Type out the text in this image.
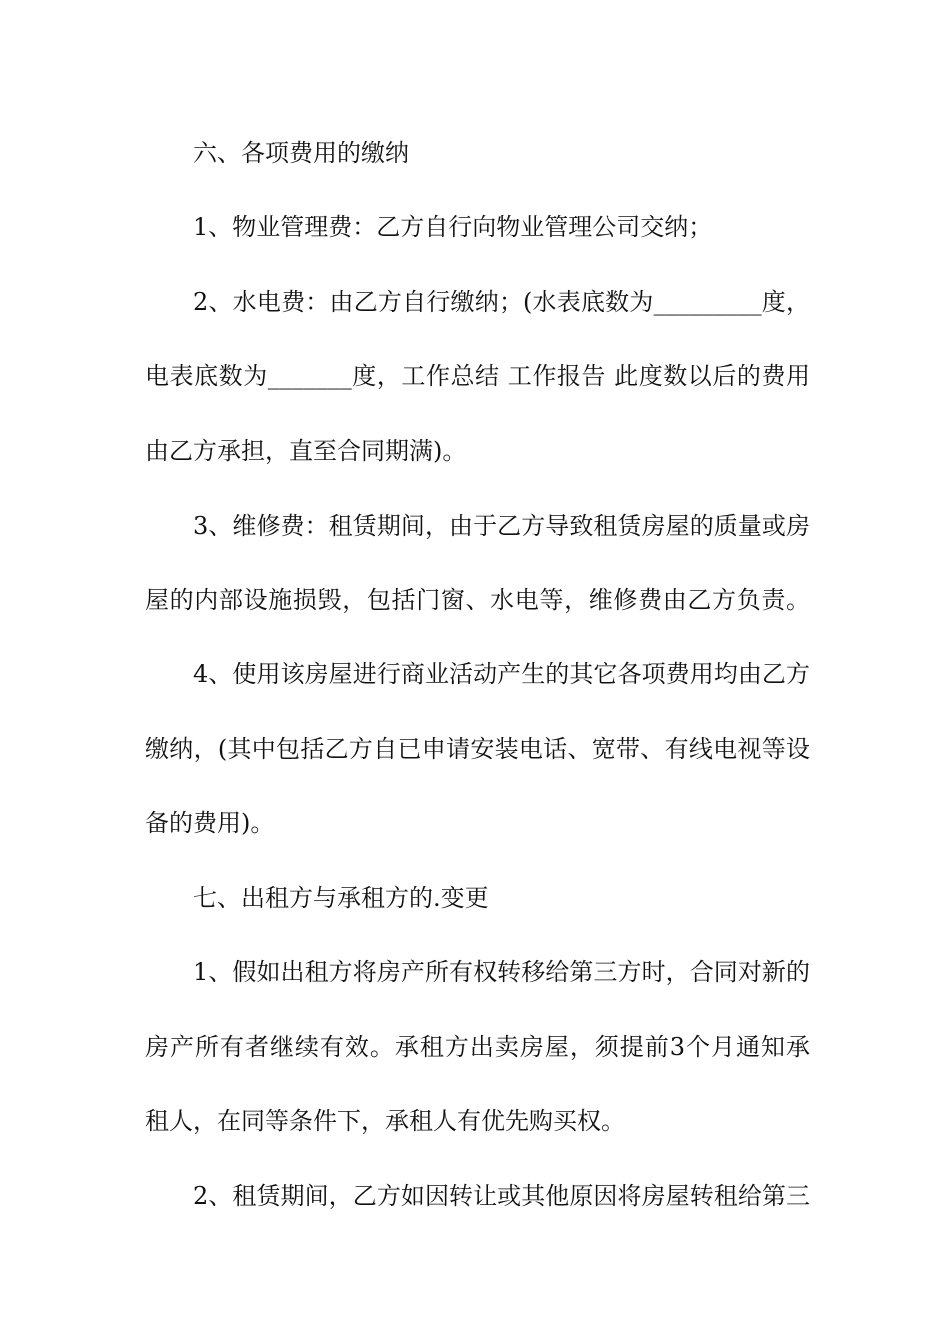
六、各项费用的缴纳
1、物业管理费：乙方自行向物业管理公司交纳；
2、水电费：由乙方自行缴纳；(水表底数为_________度，
电表底数为_______度，工作总结 工作报告 此度数以后的费用
由乙方承担，直至合同期满)。
3、维修费：租赁期间，由于乙方导致租赁房屋的质量或房
屋的内部设施损毁，包括门窗、水电等，维修费由乙方负责。
4、使用该房屋进行商业活动产生的其它各项费用均由乙方
缴纳，(其中包括乙方自已申请安装电话、宽带、有线电视等设
备的费用)。
七、出租方与承租方的.变更
1、假如出租方将房产所有权转移给第三方时，合同对新的
房产所有者继续有效。承租方出卖房屋，须提前3个月通知承
租人，在同等条件下，承租人有优先购买权。
2、租赁期间，乙方如因转让或其他原因将房屋转租给第三
